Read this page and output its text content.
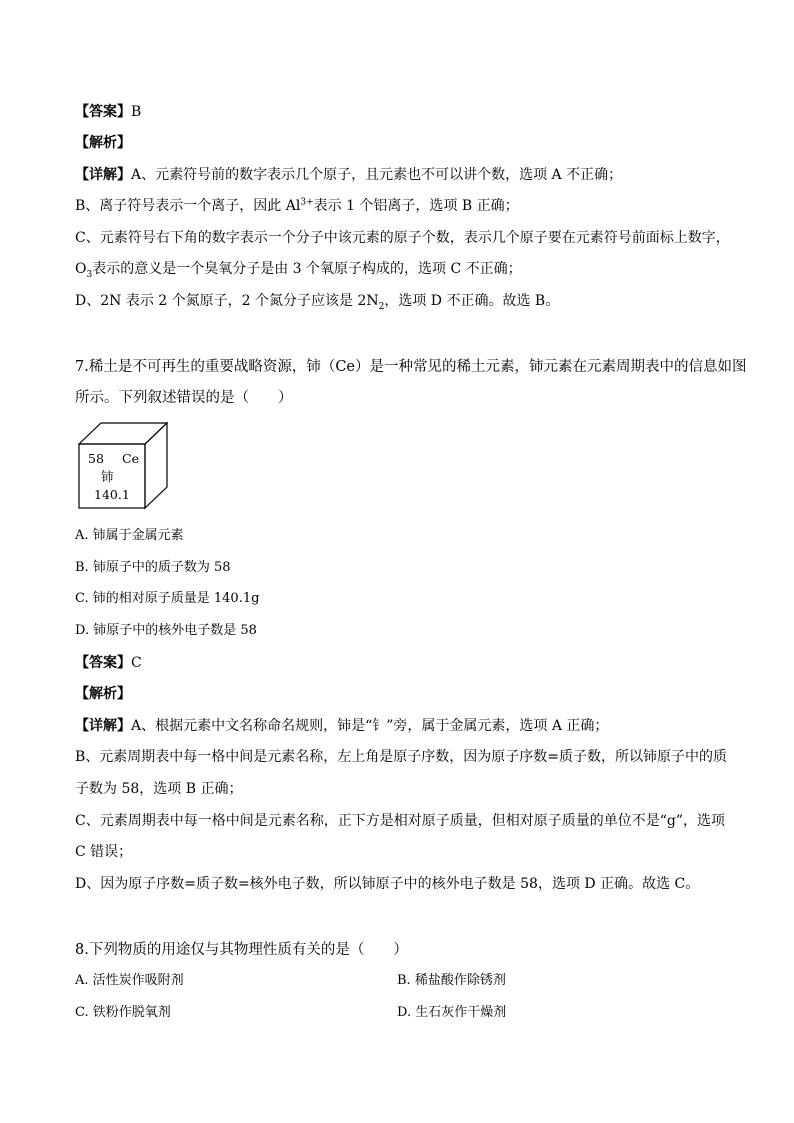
【答案】B
【解析】
【详解】A、元素符号前的数字表示几个原子，且元素也不可以讲个数，选项 A 不正确；
B、离子符号表示一个离子，因此 $Al^{3+}$表示 1 个铝离子，选项 B 正确；
C、元素符号右下角的数字表示一个分子中该元素的原子个数，表示几个原子要在元素符号前面标上数字，
$O_3$表示的意义是一个臭氧分子是由 3 个氧原子构成的，选项 C 不正确；
D、2N 表示 2 个氮原子，2 个氮分子应该是 $2N_2$，选项 D 不正确。故选 B。
7.稀土是不可再生的重要战略资源，铈（Ce）是一种常见的稀土元素，铈元素在元素周期表中的信息如图
所示。下列叙述错误的是（　　）
58 Ce
铈
140.1
A. 铈属于金属元素
B. 铈原子中的质子数为 58
C. 铈的相对原子质量是 140.1g
D. 铈原子中的核外电子数是 58
【答案】C
【解析】
【详解】A、根据元素中文名称命名规则，铈是“钅”旁，属于金属元素，选项 A 正确；
B、元素周期表中每一格中间是元素名称，左上角是原子序数，因为原子序数=质子数，所以铈原子中的质
子数为 58，选项 B 正确；
C、元素周期表中每一格中间是元素名称，正下方是相对原子质量，但相对原子质量的单位不是“g”，选项
C 错误；
D、因为原子序数=质子数=核外电子数，所以铈原子中的核外电子数是 58，选项 D 正确。故选 C。
8.下列物质的用途仅与其物理性质有关的是（　　）
A. 活性炭作吸附剂	B. 稀盐酸作除锈剂
C. 铁粉作脱氧剂	D. 生石灰作干燥剂
